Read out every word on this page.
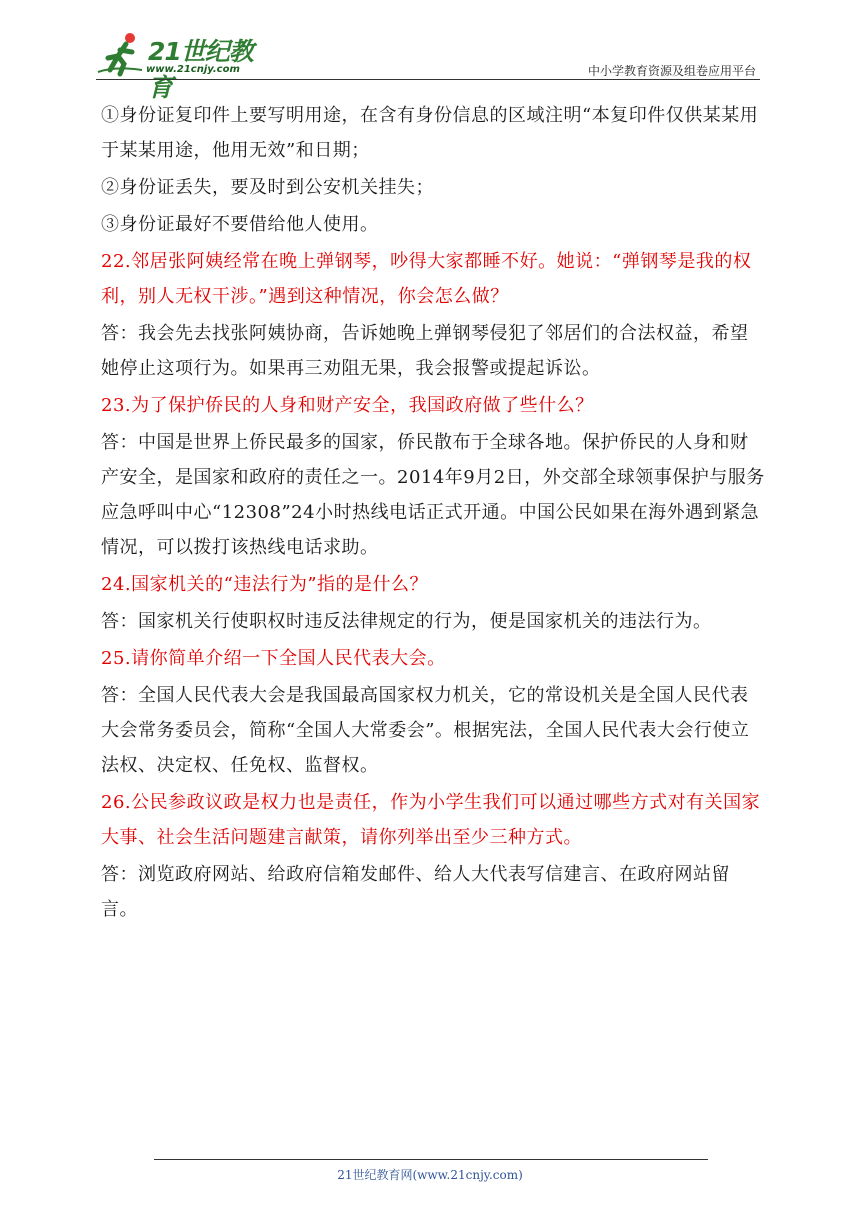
21世纪教育
www.21cnjy.com	中小学教育资源及组卷应用平台

①身份证复印件上要写明用途，在含有身份信息的区域注明“本复印件仅供某某用于某某用途，他用无效”和日期；

②身份证丢失，要及时到公安机关挂失；

③身份证最好不要借给他人使用。

22.邻居张阿姨经常在晚上弹钢琴，吵得大家都睡不好。她说：“弹钢琴是我的权利，别人无权干涉。”遇到这种情况，你会怎么做？

答：我会先去找张阿姨协商，告诉她晚上弹钢琴侵犯了邻居们的合法权益，希望她停止这项行为。如果再三劝阻无果，我会报警或提起诉讼。

23.为了保护侨民的人身和财产安全，我国政府做了些什么？

答：中国是世界上侨民最多的国家，侨民散布于全球各地。保护侨民的人身和财产安全，是国家和政府的责任之一。2014年9月2日，外交部全球领事保护与服务应急呼叫中心“12308”24小时热线电话正式开通。中国公民如果在海外遇到紧急情况，可以拨打该热线电话求助。

24.国家机关的“违法行为”指的是什么？

答：国家机关行使职权时违反法律规定的行为，便是国家机关的违法行为。

25.请你简单介绍一下全国人民代表大会。

答：全国人民代表大会是我国最高国家权力机关，它的常设机关是全国人民代表大会常务委员会，简称“全国人大常委会”。根据宪法，全国人民代表大会行使立法权、决定权、任免权、监督权。

26.公民参政议政是权力也是责任，作为小学生我们可以通过哪些方式对有关国家大事、社会生活问题建言献策，请你列举出至少三种方式。

答：浏览政府网站、给政府信箱发邮件、给人大代表写信建言、在政府网站留言。

21世纪教育网(www.21cnjy.com)
